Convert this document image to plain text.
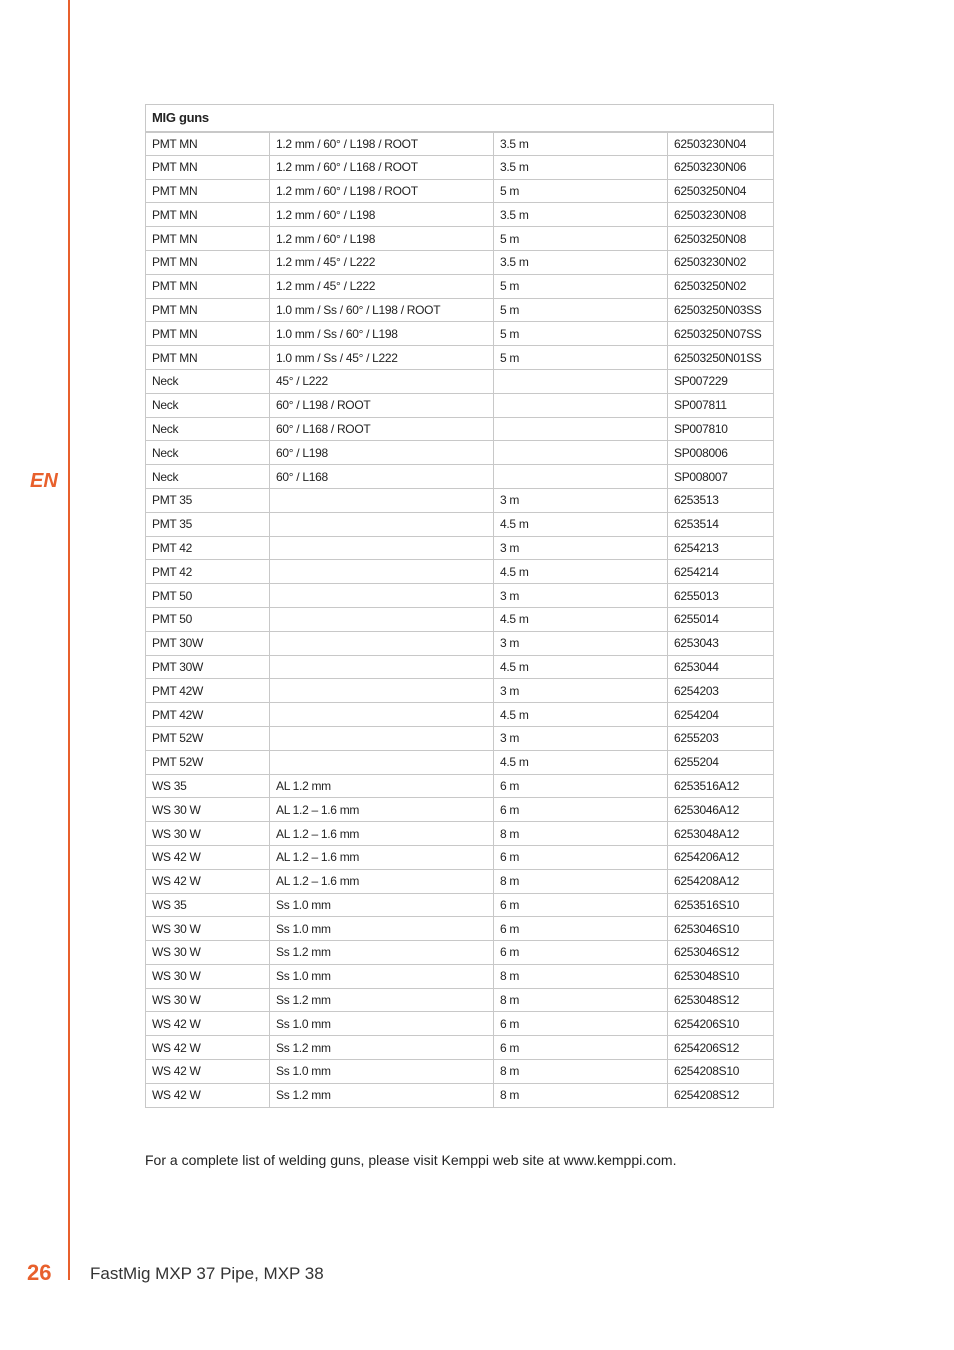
EN
MIG guns			
PMT MN	1.2 mm / 60° / L198 / ROOT	3.5 m	62503230N04
PMT MN	1.2 mm / 60° / L168 / ROOT	3.5 m	62503230N06
PMT MN	1.2 mm / 60° / L198 / ROOT	5 m	62503250N04
PMT MN	1.2 mm / 60° / L198	3.5 m	62503230N08
PMT MN	1.2 mm / 60° / L198	5 m	62503250N08
PMT MN	1.2 mm / 45° / L222	3.5 m	62503230N02
PMT MN	1.2 mm / 45° / L222	5 m	62503250N02
PMT MN	1.0 mm / Ss / 60° / L198 / ROOT	5 m	62503250N03SS
PMT MN	1.0 mm / Ss / 60° / L198	5 m	62503250N07SS
PMT MN	1.0 mm / Ss / 45° / L222	5 m	62503250N01SS
Neck	45° / L222		SP007229
Neck	60° / L198 / ROOT		SP007811
Neck	60° / L168 / ROOT		SP007810
Neck	60° / L198		SP008006
Neck	60° / L168		SP008007
PMT 35		3 m	6253513
PMT 35		4.5 m	6253514
PMT 42		3 m	6254213
PMT 42		4.5 m	6254214
PMT 50		3 m	6255013
PMT 50		4.5 m	6255014
PMT 30W		3 m	6253043
PMT 30W		4.5 m	6253044
PMT 42W		3 m	6254203
PMT 42W		4.5 m	6254204
PMT 52W		3 m	6255203
PMT 52W		4.5 m	6255204
WS 35	AL 1.2 mm	6 m	6253516A12
WS 30 W	AL 1.2 – 1.6 mm	6 m	6253046A12
WS 30 W	AL 1.2 – 1.6 mm	8 m	6253048A12
WS 42 W	AL 1.2 – 1.6 mm	6 m	6254206A12
WS 42 W	AL 1.2 – 1.6 mm	8 m	6254208A12
WS 35	Ss 1.0 mm	6 m	6253516S10
WS 30 W	Ss 1.0 mm	6 m	6253046S10
WS 30 W	Ss 1.2 mm	6 m	6253046S12
WS 30 W	Ss 1.0 mm	8 m	6253048S10
WS 30 W	Ss 1.2 mm	8 m	6253048S12
WS 42 W	Ss 1.0 mm	6 m	6254206S10
WS 42 W	Ss 1.2 mm	6 m	6254206S12
WS 42 W	Ss 1.0 mm	8 m	6254208S10
WS 42 W	Ss 1.2 mm	8 m	6254208S12
For a complete list of welding guns, please visit Kemppi web site at www.kemppi.com.
26 FastMig MXP 37 Pipe, MXP 38
